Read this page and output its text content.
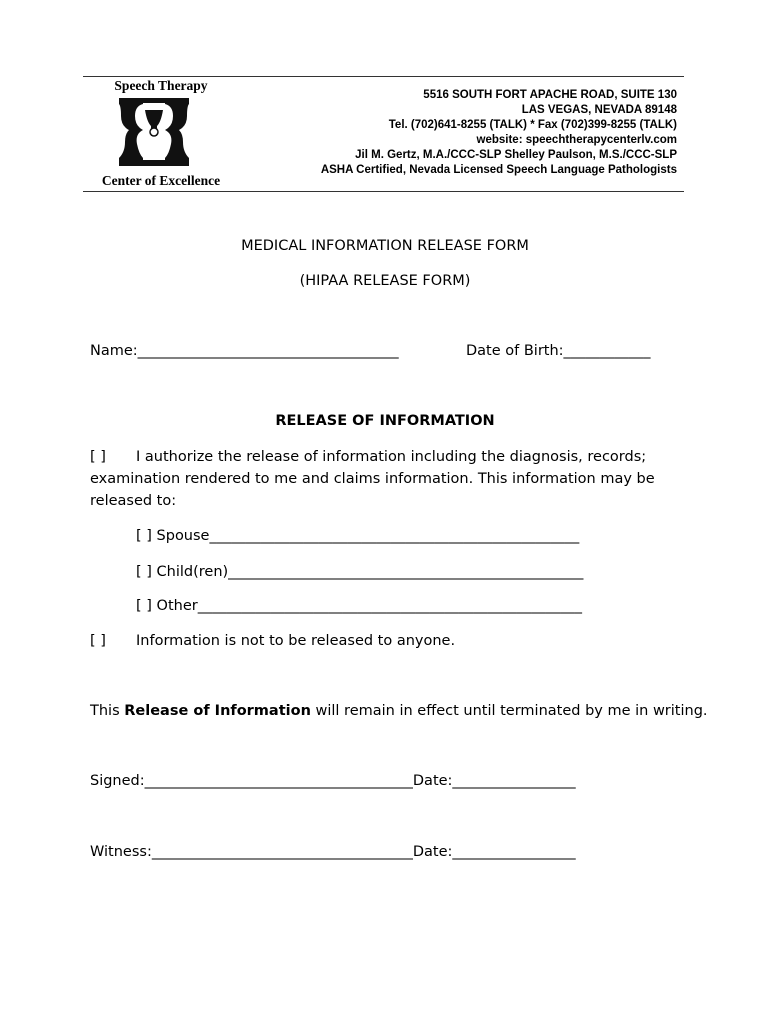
Speech Therapy
Center of Excellence
5516 SOUTH FORT APACHE ROAD, SUITE 130
LAS VEGAS, NEVADA 89148
Tel. (702)641-8255 (TALK) * Fax (702)399-8255 (TALK)
website: speechtherapycenterlv.com
Jil M. Gertz, M.A./CCC-SLP Shelley Paulson, M.S./CCC-SLP
ASHA Certified, Nevada Licensed Speech Language Pathologists
MEDICAL INFORMATION RELEASE FORM
(HIPAA RELEASE FORM)
Name:____________________________________	Date of Birth:____________
RELEASE OF INFORMATION
[ ] I authorize the release of information including the diagnosis, records;
examination rendered to me and claims information. This information may be
released to:
[ ] Spouse___________________________________________________
[ ] Child(ren)_________________________________________________
[ ] Other_____________________________________________________
[ ] Information is not to be released to anyone.
This Release of Information will remain in effect until terminated by me in writing.
Signed:_____________________________________Date:_________________
Witness:____________________________________Date:_________________
